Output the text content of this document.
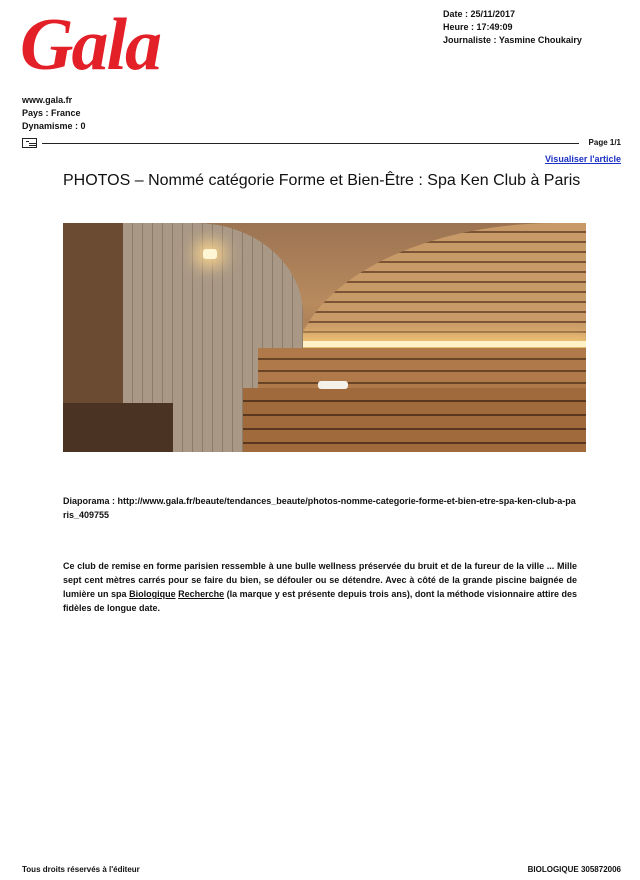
Gala	Date : 25/11/2017
Heure : 17:49:09
Journaliste : Yasmine Choukairy
www.gala.fr
Pays : France
Dynamisme : 0
Page 1/1
Visualiser l'article
PHOTOS – Nommé catégorie Forme et Bien-Être : Spa Ken Club à Paris
Diaporama : http://www.gala.fr/beaute/tendances_beaute/photos-nomme-categorie-forme-et-bien-etre-spa-ken-club-a-paris_409755
Ce club de remise en forme parisien ressemble à une bulle wellness préservée du bruit et de la fureur de la ville ... Mille sept cent mètres carrés pour se faire du bien, se défouler ou se détendre. Avec à côté de la grande piscine baignée de lumière un spa Biologique Recherche (la marque y est présente depuis trois ans), dont la méthode visionnaire attire des fidèles de longue date.
Tous droits réservés à l'éditeur	BIOLOGIQUE 305872006
